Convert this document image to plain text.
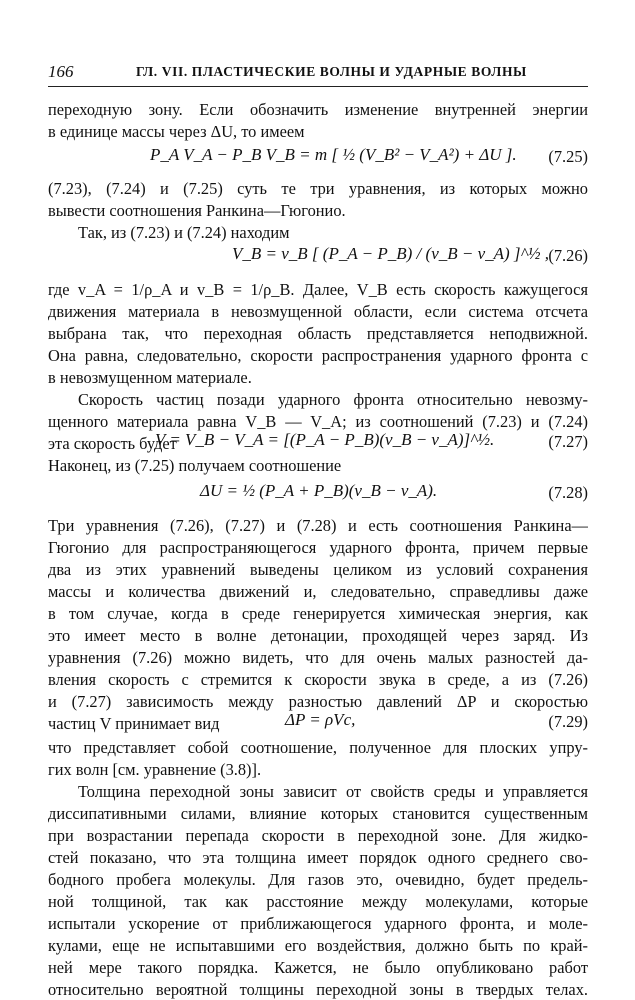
166	ГЛ. VII. ПЛАСТИЧЕСКИЕ ВОЛНЫ И УДАРНЫЕ ВОЛНЫ
переходную зону. Если обозначить изменение внутренней энергии
в единице массы через ΔU, то имеем
P_A V_A − P_B V_B = m [ ½ (V_B² − V_A²) + ΔU ]. (7.25)
(7.23), (7.24) и (7.25) суть те три уравнения, из которых можно
вывести соотношения Ранкина—Гюгонио.
Так, из (7.23) и (7.24) находим
V_B = v_B [ (P_A − P_B) / (v_B − v_A) ]^½ , (7.26)
где v_A = 1/ρ_A и v_B = 1/ρ_B. Далее, V_B есть скорость кажущегося
движения материала в невозмущенной области, если система отсчета
выбрана так, что переходная область представляется неподвижной.
Она равна, следовательно, скорости распространения ударного фронта c
в невозмущенном материале.
Скорость частиц позади ударного фронта относительно невозму-
щенного материала равна V_B — V_A; из соотношений (7.23) и (7.24)
эта скорость будет
V = V_B − V_A = [(P_A − P_B)(v_B − v_A)]^½.	(7.27)
Наконец, из (7.25) получаем соотношение
ΔU = ½ (P_A + P_B)(v_B − v_A).	(7.28)
Три уравнения (7.26), (7.27) и (7.28) и есть соотношения Ранкина—
Гюгонио для распространяющегося ударного фронта, причем первые
два из этих уравнений выведены целиком из условий сохранения
массы и количества движений и, следовательно, справедливы даже
в том случае, когда в среде генерируется химическая энергия, как
это имеет место в волне детонации, проходящей через заряд. Из
уравнения (7.26) можно видеть, что для очень малых разностей да-
вления скорость c стремится к скорости звука в среде, а из (7.26)
и (7.27) зависимость между разностью давлений ΔP и скоростью
частиц V принимает вид	ΔP = ρVc,	(7.29)
что представляет собой соотношение, полученное для плоских упру-
гих волн [см. уравнение (3.8)].
Толщина переходной зоны зависит от свойств среды и управляется
диссипативными силами, влияние которых становится существенным
при возрастании перепада скорости в переходной зоне. Для жидко-
стей показано, что эта толщина имеет порядок одного среднего сво-
бодного пробега молекулы. Для газов это, очевидно, будет предель-
ной толщиной, так как расстояние между молекулами, которые
испытали ускорение от приближающегося ударного фронта, и моле-
кулами, еще не испытавшими его воздействия, должно быть по край-
ней мере такого порядка. Кажется, не было опубликовано работ
относительно вероятной толщины переходной зоны в твердых телах.
